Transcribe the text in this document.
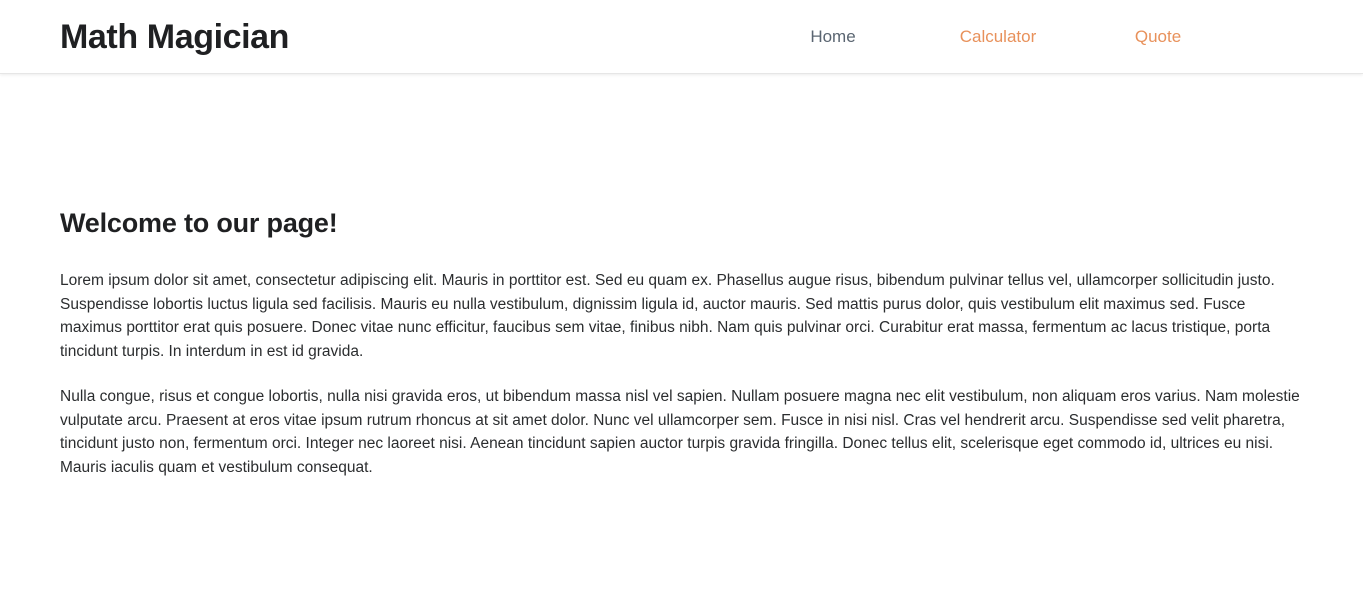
Math Magician	Home	Calculator	Quote
Welcome to our page!

Lorem ipsum dolor sit amet, consectetur adipiscing elit. Mauris in porttitor est. Sed eu quam ex. Phasellus augue risus, bibendum pulvinar tellus vel, ullamcorper sollicitudin justo. Suspendisse lobortis luctus ligula sed facilisis. Mauris eu nulla vestibulum, dignissim ligula id, auctor mauris. Sed mattis purus dolor, quis vestibulum elit maximus sed. Fusce maximus porttitor erat quis posuere. Donec vitae nunc efficitur, faucibus sem vitae, finibus nibh. Nam quis pulvinar orci. Curabitur erat massa, fermentum ac lacus tristique, porta tincidunt turpis. In interdum in est id gravida.

Nulla congue, risus et congue lobortis, nulla nisi gravida eros, ut bibendum massa nisl vel sapien. Nullam posuere magna nec elit vestibulum, non aliquam eros varius. Nam molestie vulputate arcu. Praesent at eros vitae ipsum rutrum rhoncus at sit amet dolor. Nunc vel ullamcorper sem. Fusce in nisi nisl. Cras vel hendrerit arcu. Suspendisse sed velit pharetra, tincidunt justo non, fermentum orci. Integer nec laoreet nisi. Aenean tincidunt sapien auctor turpis gravida fringilla. Donec tellus elit, scelerisque eget commodo id, ultrices eu nisi. Mauris iaculis quam et vestibulum consequat.
